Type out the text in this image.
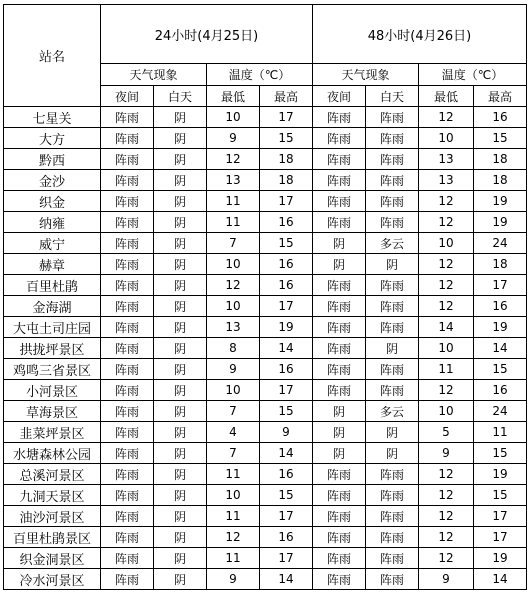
站名	24小时(4月25日)				48小时(4月26日)			
	天气现象		温度（℃）		天气现象		温度（℃）	
	夜间	白天	最低	最高	夜间	白天	最低	最高
七星关	阵雨	阴	10	17	阵雨	阵雨	12	16
大方	阵雨	阴	9	15	阵雨	阵雨	10	15
黔西	阵雨	阴	12	18	阵雨	阵雨	13	18
金沙	阵雨	阴	13	18	阵雨	阵雨	13	18
织金	阵雨	阴	11	17	阵雨	阵雨	12	19
纳雍	阵雨	阴	11	16	阵雨	阵雨	12	19
威宁	阵雨	阴	7	15	阴	多云	10	24
赫章	阵雨	阴	10	16	阴	阴	12	18
百里杜鹃	阵雨	阴	12	16	阵雨	阵雨	12	17
金海湖	阵雨	阴	10	17	阵雨	阵雨	12	16
大屯土司庄园	阵雨	阴	13	19	阵雨	阵雨	14	19
拱拢坪景区	阵雨	阴	8	14	阵雨	阴	10	14
鸡鸣三省景区	阵雨	阴	9	16	阵雨	阵雨	11	15
小河景区	阵雨	阴	10	17	阵雨	阵雨	12	16
草海景区	阵雨	阴	7	15	阴	多云	10	24
韭菜坪景区	阵雨	阴	4	9	阴	阴	5	11
水塘森林公园	阵雨	阴	7	14	阴	阴	9	15
总溪河景区	阵雨	阴	11	16	阵雨	阵雨	12	19
九洞天景区	阵雨	阴	10	15	阵雨	阵雨	12	15
油沙河景区	阵雨	阴	11	17	阵雨	阵雨	12	17
百里杜鹃景区	阵雨	阴	12	16	阵雨	阵雨	12	17
织金洞景区	阵雨	阴	11	17	阵雨	阵雨	12	19
冷水河景区	阵雨	阴	9	14	阵雨	阵雨	9	14
